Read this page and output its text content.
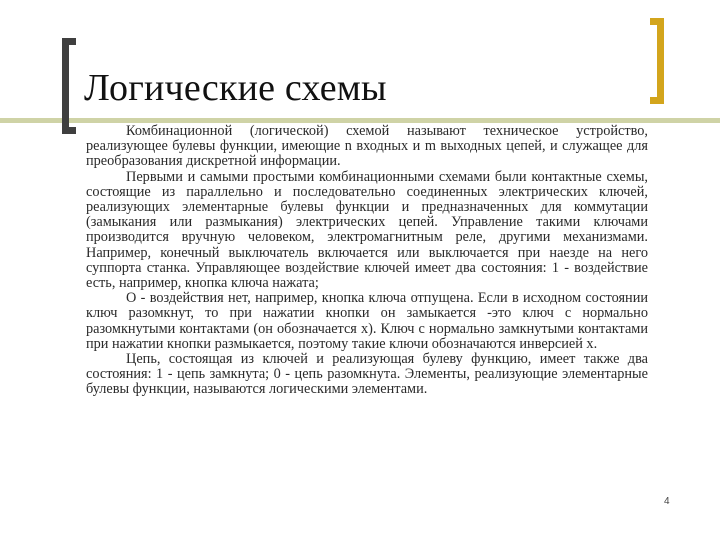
Логические схемы

Комбинационной (логической) схемой называют техническое устройство, реализующее булевы функции, имеющие n входных и m выходных цепей, и служащее для преобразования дискретной информации.

Первыми и самыми простыми комбинационными схемами были контактные схемы, состоящие из параллельно и последовательно соединенных электрических ключей, реализующих элементарные булевы функции и предназначенных для коммутации (замыкания или размыкания) электрических цепей. Управление такими ключами производится вручную человеком, электромагнитным реле, другими механизмами. Например, конечный выключатель включается или выключается при наезде на него суппорта станка. Управляющее воздействие ключей имеет два состояния: 1 - воздействие есть, например, кнопка ключа нажата;

О - воздействия нет, например, кнопка ключа отпущена. Если в исходном состоянии ключ разомкнут, то при нажатии кнопки он замыкается -это ключ с нормально разомкнутыми контактами (он обозначается x). Ключ с нормально замкнутыми контактами при нажатии кнопки размыкается, поэтому такие ключи обозначаются инверсией x.

Цепь, состоящая из ключей и реализующая булеву функцию, имеет также два состояния: 1 - цепь замкнута; 0 - цепь разомкнута. Элементы, реализующие элементарные булевы функции, называются логическими элементами.

4
